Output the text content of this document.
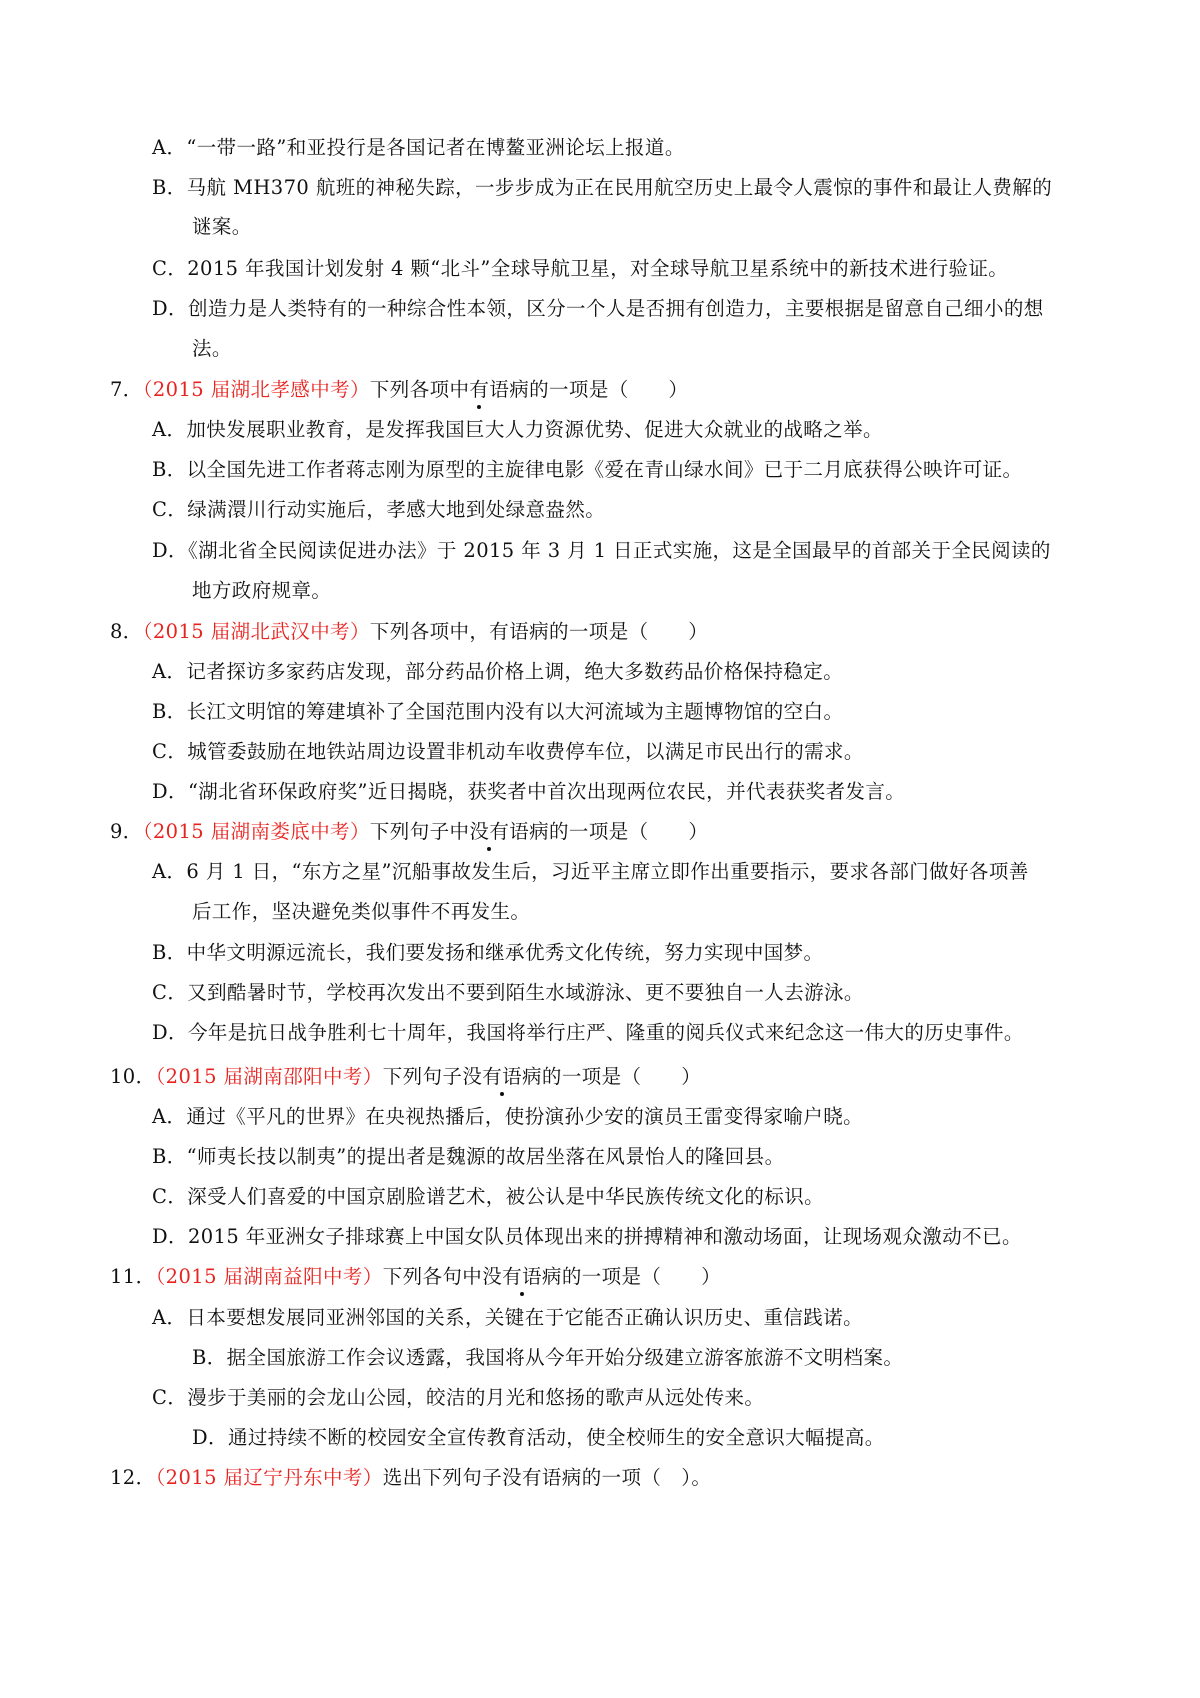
A．“一带一路”和亚投行是各国记者在博鳌亚洲论坛上报道。
B．马航 MH370 航班的神秘失踪，一步步成为正在民用航空历史上最令人震惊的事件和最让人费解的
谜案。
C．2015 年我国计划发射 4 颗“北斗”全球导航卫星，对全球导航卫星系统中的新技术进行验证。
D．创造力是人类特有的一种综合性本领，区分一个人是否拥有创造力，主要根据是留意自己细小的想
法。
7．（2015 届湖北孝感中考）下列各项中有语病的一项是（　　）
A．加快发展职业教育，是发挥我国巨大人力资源优势、促进大众就业的战略之举。
B．以全国先进工作者蒋志刚为原型的主旋律电影《爱在青山绿水间》已于二月底获得公映许可证。
C．绿满澴川行动实施后，孝感大地到处绿意盎然。
D．《湖北省全民阅读促进办法》于 2015 年 3 月 1 日正式实施，这是全国最早的首部关于全民阅读的
地方政府规章。
8．（2015 届湖北武汉中考）下列各项中，有语病的一项是（　　）
A．记者探访多家药店发现，部分药品价格上调，绝大多数药品价格保持稳定。
B．长江文明馆的筹建填补了全国范围内没有以大河流域为主题博物馆的空白。
C．城管委鼓励在地铁站周边设置非机动车收费停车位，以满足市民出行的需求。
D．“湖北省环保政府奖”近日揭晓，获奖者中首次出现两位农民，并代表获奖者发言。
9．（2015 届湖南娄底中考）下列句子中没有语病的一项是（　　）
A．6 月 1 日，“东方之星”沉船事故发生后，习近平主席立即作出重要指示，要求各部门做好各项善
后工作，坚决避免类似事件不再发生。
B．中华文明源远流长，我们要发扬和继承优秀文化传统，努力实现中国梦。
C．又到酷暑时节，学校再次发出不要到陌生水域游泳、更不要独自一人去游泳。
D．今年是抗日战争胜利七十周年，我国将举行庄严、隆重的阅兵仪式来纪念这一伟大的历史事件。
10．（2015 届湖南邵阳中考）下列句子没有语病的一项是（　　）
A．通过《平凡的世界》在央视热播后，使扮演孙少安的演员王雷变得家喻户晓。
B．“师夷长技以制夷”的提出者是魏源的故居坐落在风景怡人的隆回县。
C．深受人们喜爱的中国京剧脸谱艺术，被公认是中华民族传统文化的标识。
D．2015 年亚洲女子排球赛上中国女队员体现出来的拼搏精神和激动场面，让现场观众激动不已。
11．（2015 届湖南益阳中考）下列各句中没有语病的一项是（　　）
A．日本要想发展同亚洲邻国的关系，关键在于它能否正确认识历史、重信践诺。
B．据全国旅游工作会议透露，我国将从今年开始分级建立游客旅游不文明档案。
C．漫步于美丽的会龙山公园，皎洁的月光和悠扬的歌声从远处传来。
D．通过持续不断的校园安全宣传教育活动，使全校师生的安全意识大幅提高。
12．（2015 届辽宁丹东中考）选出下列句子没有语病的一项（　）。
